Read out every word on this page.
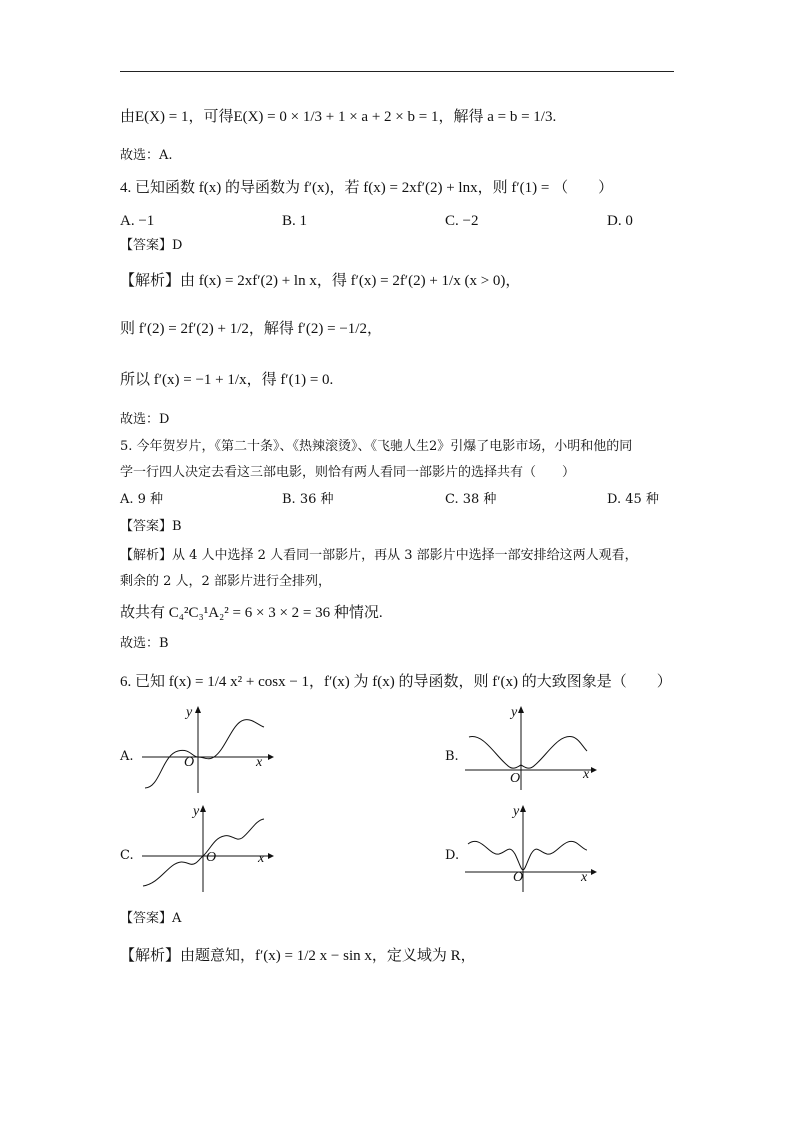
由E(X) = 1，可得E(X) = 0 × 1/3 + 1 × a + 2 × b = 1，解得 a = b = 1/3.
故选：A.
4. 已知函数 f(x) 的导函数为 f′(x)，若 f(x) = 2xf′(2) + lnx，则 f′(1) = （　　）
A. −1	B. 1	C. −2	D. 0
【答案】D
【解析】由 f(x) = 2xf′(2) + ln x，得 f′(x) = 2f′(2) + 1/x (x > 0)，
则 f′(2) = 2f′(2) + 1/2，解得 f′(2) = −1/2，
所以 f′(x) = −1 + 1/x，得 f′(1) = 0.
故选：D
5. 今年贺岁片，《第二十条》、《热辣滚烫》、《飞驰人生2》引爆了电影市场，小明和他的同
学一行四人决定去看这三部电影，则恰有两人看同一部影片的选择共有（　　）
A. 9 种	B. 36 种	C. 38 种	D. 45 种
【答案】B
【解析】从 4 人中选择 2 人看同一部影片，再从 3 部影片中选择一部安排给这两人观看，
剩余的 2 人，2 部影片进行全排列，
故共有 C₄²C₃¹A₂² = 6 × 3 × 2 = 36 种情况.
故选：B
6. 已知 f(x) = 1/4 x² + cosx − 1，f′(x) 为 f(x) 的导函数，则 f′(x) 的大致图象是（　　）
A.
y
O	x	B.
y
O	x
C.
y
O	x	D.
y
O	x
【答案】A
【解析】由题意知，f′(x) = 1/2 x − sin x，定义域为 R，
